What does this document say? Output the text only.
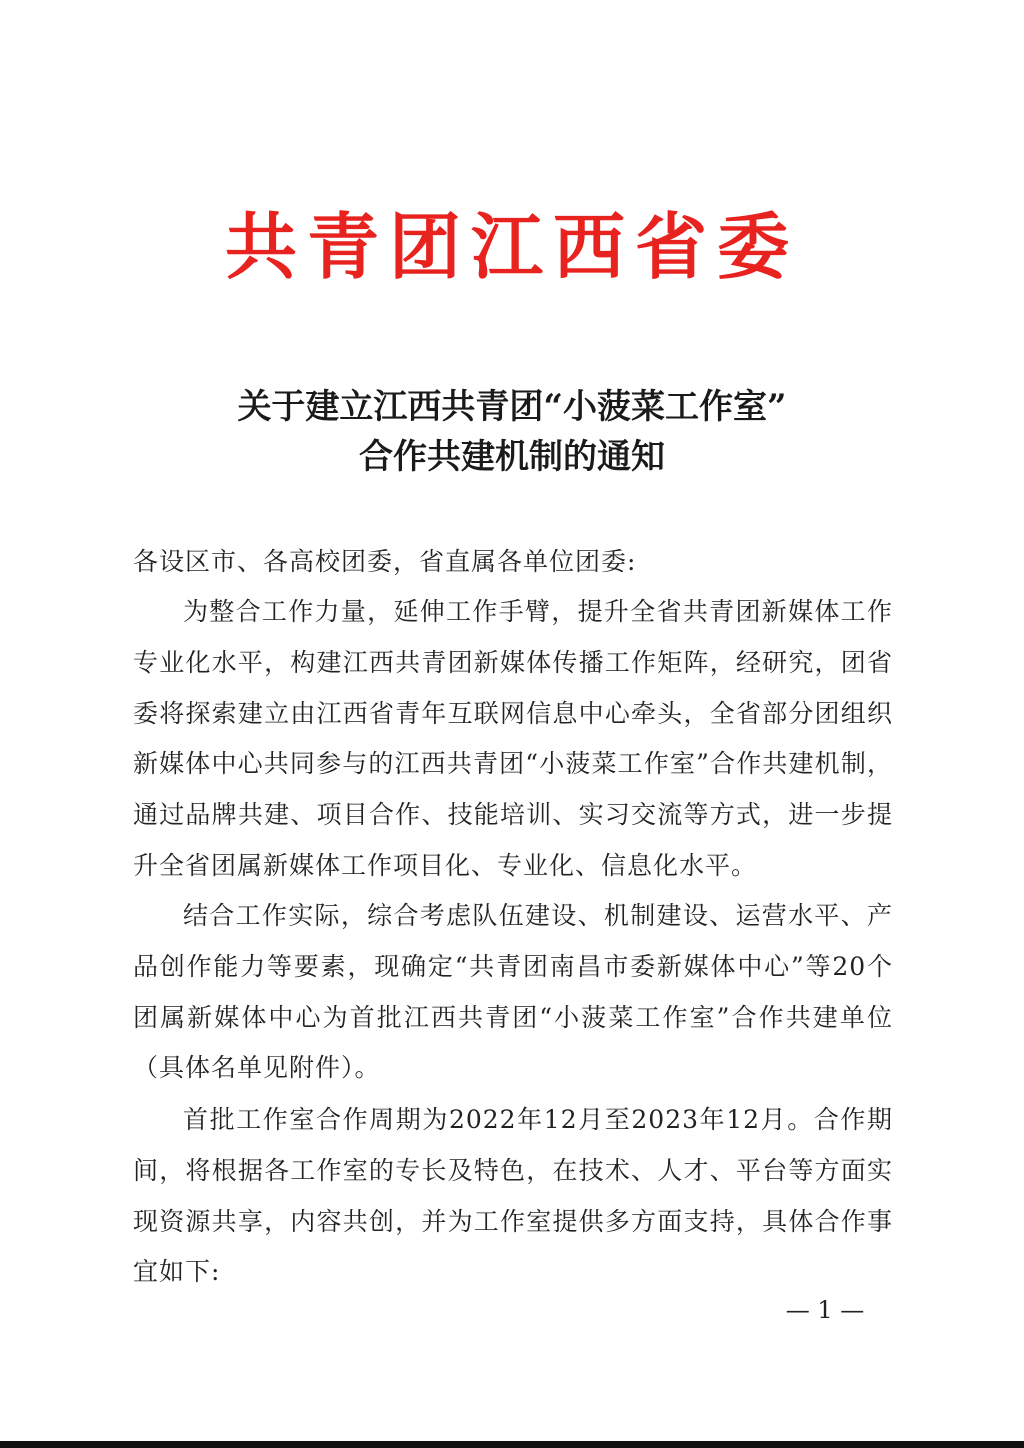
共青团江西省委
关于建立江西共青团“小菠菜工作室”
合作共建机制的通知
各设区市、各高校团委，省直属各单位团委:

为整合工作力量，延伸工作手臂，提升全省共青团新媒体工作专业化水平，构建江西共青团新媒体传播工作矩阵，经研究，团省委将探索建立由江西省青年互联网信息中心牵头，全省部分团组织新媒体中心共同参与的江西共青团“小菠菜工作室”合作共建机制，通过品牌共建、项目合作、技能培训、实习交流等方式，进一步提升全省团属新媒体工作项目化、专业化、信息化水平。

结合工作实际，综合考虑队伍建设、机制建设、运营水平、产品创作能力等要素，现确定“共青团南昌市委新媒体中心”等20个团属新媒体中心为首批江西共青团“小菠菜工作室”合作共建单位（具体名单见附件）。

首批工作室合作周期为2022年12月至2023年12月。合作期间，将根据各工作室的专长及特色，在技术、人才、平台等方面实现资源共享，内容共创，并为工作室提供多方面支持，具体合作事宜如下:

— 1 —
